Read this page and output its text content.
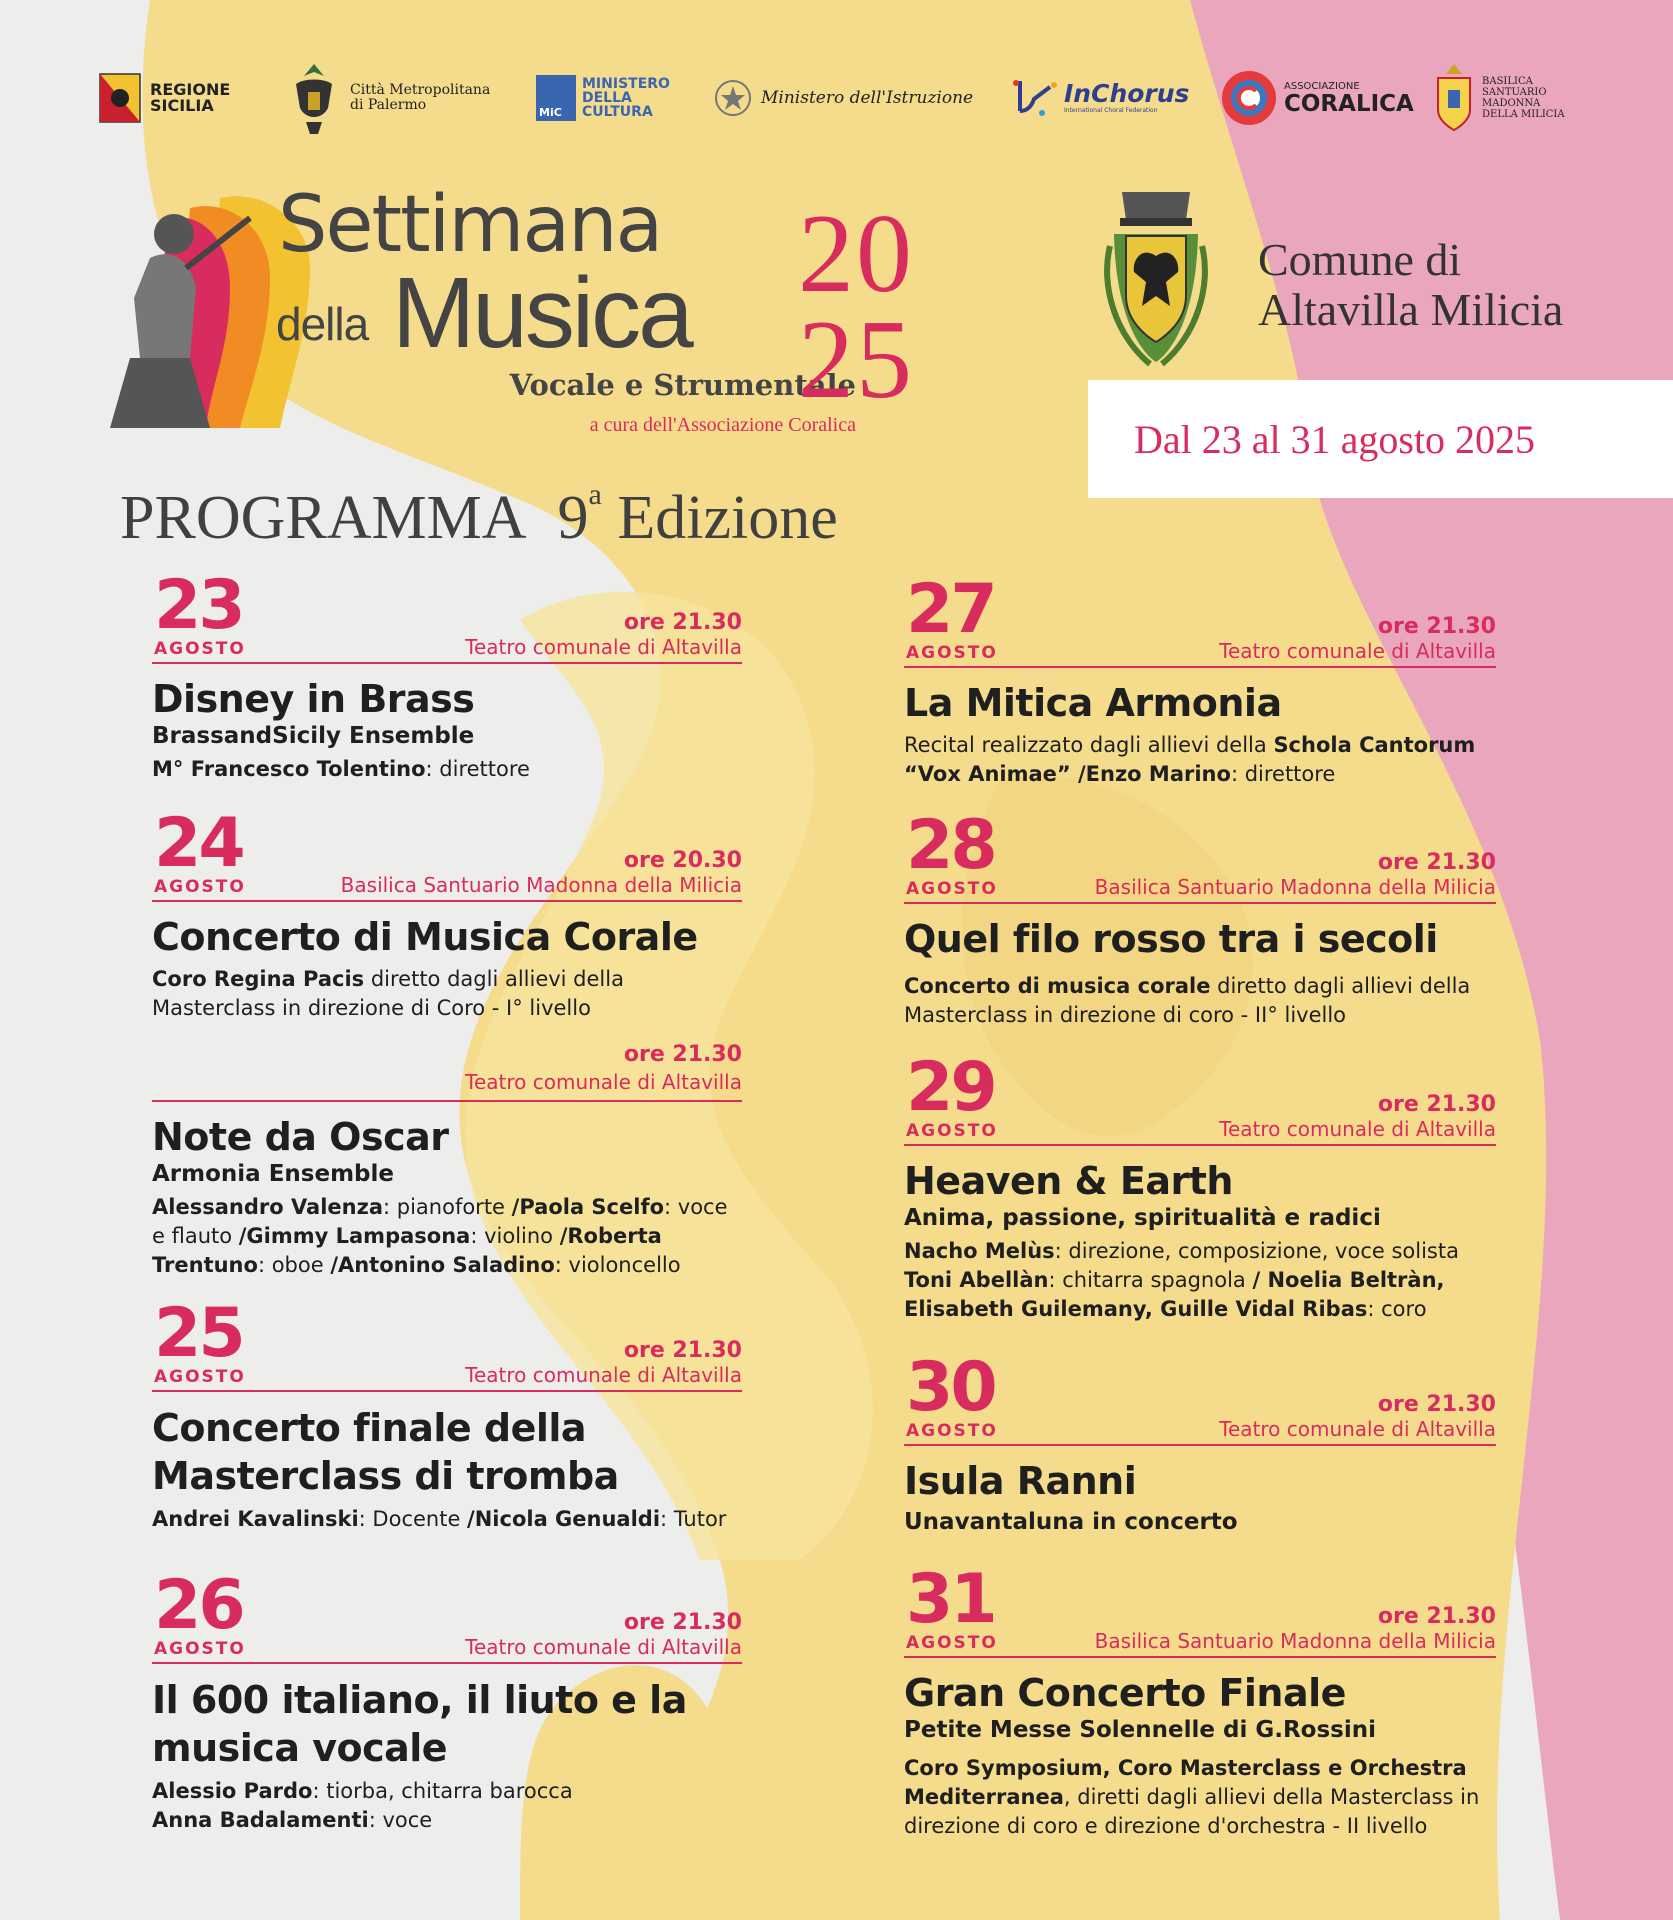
REGIONE
SICILIA
Città Metropolitana
di Palermo	MiC
MINISTERO
DELLA
CULTURA
Ministero dell'Istruzione	InChorus
International Choral Federation
ASSOCIAZIONE
CORALICA
BASILICA
SANTUARIO
MADONNA
DELLA MILICIA
Settimana
della Musica
Vocale e Strumentale
a cura dell'Associazione Coralica
20
25
PROGRAMMA 9$^a$ Edizione
Comune di
Altavilla Milicia
Dal 23 al 31 agosto 2025
23
AGOSTO
ore 21.30
Teatro comunale di Altavilla
Disney in Brass
BrassandSicily Ensemble
M° Francesco Tolentino: direttore
24
AGOSTO
ore 20.30
Basilica Santuario Madonna della Milicia
Concerto di Musica Corale
Coro Regina Pacis diretto dagli allievi della Masterclass in direzione di Coro - I° livello
ore 21.30
Teatro comunale di Altavilla
Note da Oscar
Armonia Ensemble
Alessandro Valenza: pianoforte /Paola Scelfo: voce e flauto /Gimmy Lampasona: violino /Roberta Trentuno: oboe /Antonino Saladino: violoncello
25
AGOSTO
ore 21.30
Teatro comunale di Altavilla
Concerto finale della Masterclass di tromba
Andrei Kavalinski: Docente /Nicola Genualdi: Tutor
26
AGOSTO
ore 21.30
Teatro comunale di Altavilla
Il 600 italiano, il liuto e la musica vocale
Alessio Pardo: tiorba, chitarra barocca
Anna Badalamenti: voce
27
AGOSTO
ore 21.30
Teatro comunale di Altavilla
La Mitica Armonia
Recital realizzato dagli allievi della Schola Cantorum “Vox Animae” /Enzo Marino: direttore
28
AGOSTO
ore 21.30
Basilica Santuario Madonna della Milicia
Quel filo rosso tra i secoli
Concerto di musica corale diretto dagli allievi della Masterclass in direzione di coro - II° livello
29
AGOSTO
ore 21.30
Teatro comunale di Altavilla
Heaven & Earth
Anima, passione, spiritualità e radici
Nacho Melùs: direzione, composizione, voce solista
Toni Abellàn: chitarra spagnola / Noelia Beltràn, Elisabeth Guilemany, Guille Vidal Ribas: coro
30
AGOSTO
ore 21.30
Teatro comunale di Altavilla
Isula Ranni
Unavantaluna in concerto
31
AGOSTO
ore 21.30
Basilica Santuario Madonna della Milicia
Gran Concerto Finale
Petite Messe Solennelle di G.Rossini
Coro Symposium, Coro Masterclass e Orchestra Mediterranea, diretti dagli allievi della Masterclass in direzione di coro e direzione d'orchestra - II livello
